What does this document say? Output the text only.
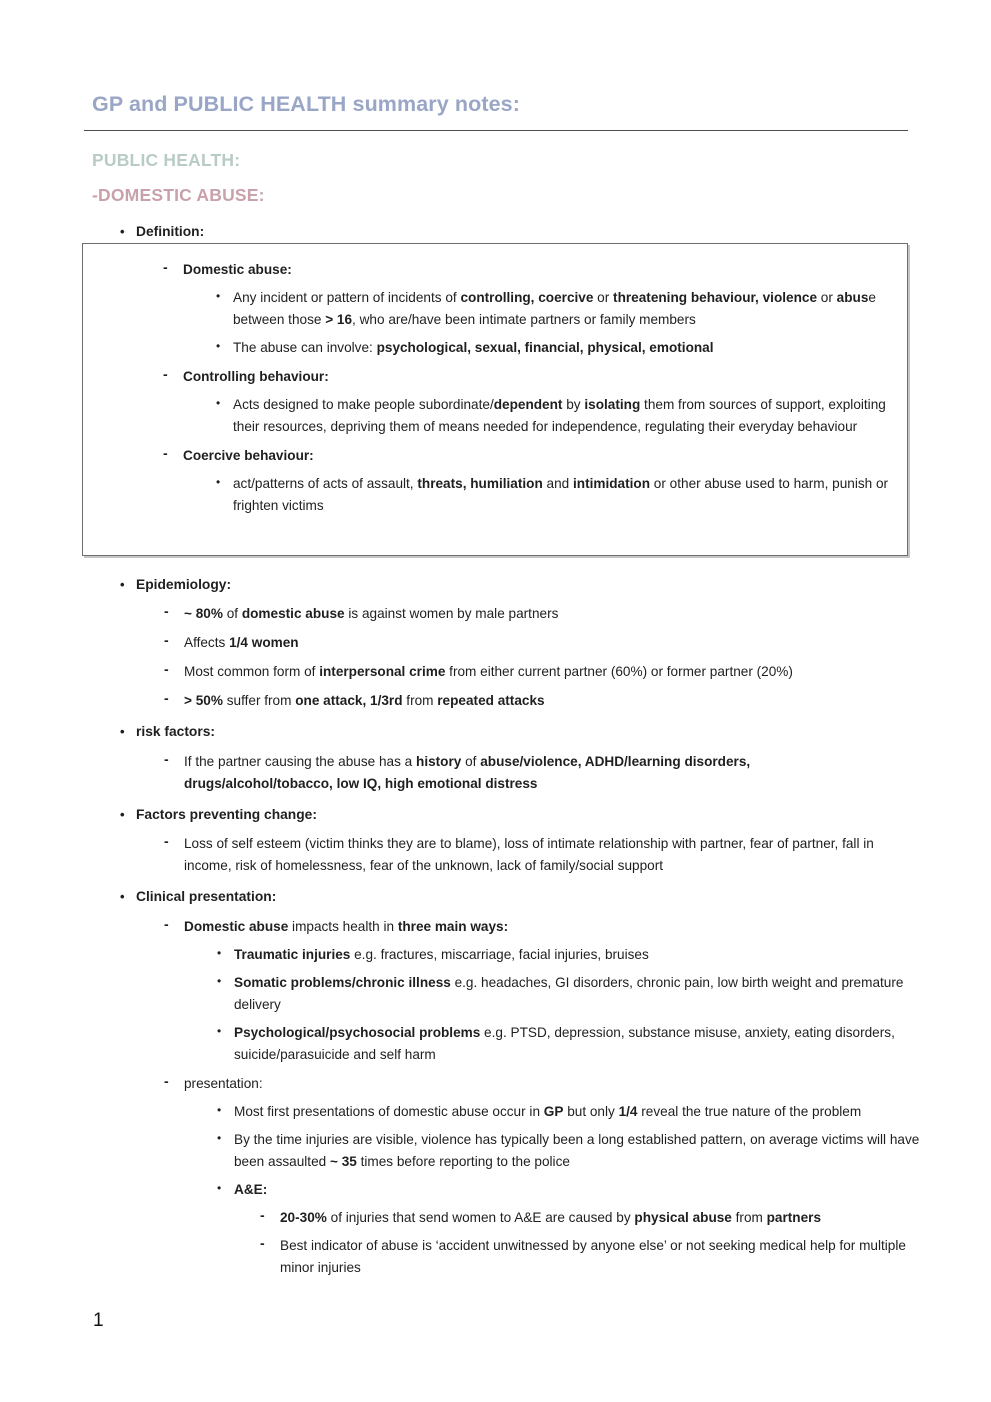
GP and PUBLIC HEALTH summary notes:
PUBLIC HEALTH:
-DOMESTIC ABUSE:
• Definition:
- Domestic abuse:
• Any incident or pattern of incidents of controlling, coercive or threatening behaviour, violence or abuse between those > 16, who are/have been intimate partners or family members
• The abuse can involve: psychological, sexual, financial, physical, emotional
- Controlling behaviour:
• Acts designed to make people subordinate/dependent by isolating them from sources of support, exploiting their resources, depriving them of means needed for independence, regulating their everyday behaviour
- Coercive behaviour:
• act/patterns of acts of assault, threats, humiliation and intimidation or other abuse used to harm, punish or frighten victims
• Epidemiology:
- ~ 80% of domestic abuse is against women by male partners
- Affects 1/4 women
- Most common form of interpersonal crime from either current partner (60%) or former partner (20%)
- > 50% suffer from one attack, 1/3rd from repeated attacks
• risk factors:
- If the partner causing the abuse has a history of abuse/violence, ADHD/learning disorders, drugs/alcohol/tobacco, low IQ, high emotional distress
• Factors preventing change:
- Loss of self esteem (victim thinks they are to blame), loss of intimate relationship with partner, fear of partner, fall in income, risk of homelessness, fear of the unknown, lack of family/social support
• Clinical presentation:
- Domestic abuse impacts health in three main ways:
• Traumatic injuries e.g. fractures, miscarriage, facial injuries, bruises
• Somatic problems/chronic illness e.g. headaches, GI disorders, chronic pain, low birth weight and premature delivery
• Psychological/psychosocial problems e.g. PTSD, depression, substance misuse, anxiety, eating disorders, suicide/parasuicide and self harm
- presentation:
• Most first presentations of domestic abuse occur in GP but only 1/4 reveal the true nature of the problem
• By the time injuries are visible, violence has typically been a long established pattern, on average victims will have been assaulted ~ 35 times before reporting to the police
• A&E:
- 20-30% of injuries that send women to A&E are caused by physical abuse from partners
- Best indicator of abuse is ‘accident unwitnessed by anyone else’ or not seeking medical help for multiple minor injuries
1
